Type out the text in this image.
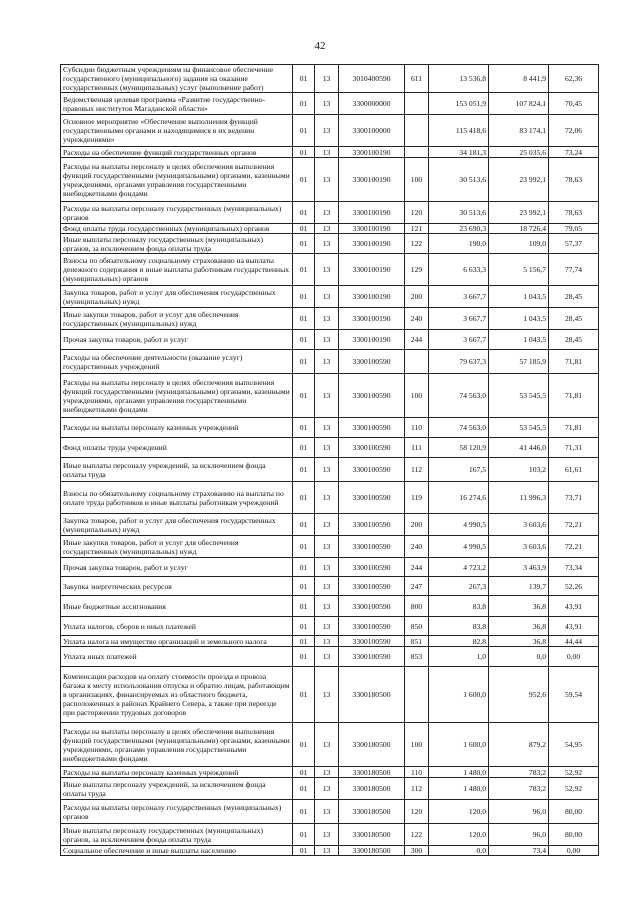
42
Субсидии бюджетным учреждениям на финансовое обеспечение государственного (муниципального) задания на оказание государственных (муниципальных) услуг (выполнение работ)	01	13	3010400590	611	13 536,8	8 441,9	62,36
Ведомственная целевая программа «Развитие государственно-правовых институтов Магаданской области»	01	13	3300000000		153 051,9	107 824,1	70,45
Основное мероприятие «Обеспечение выполнения функций государственными органами и находящимися в их ведении учреждениями»	01	13	3300100000		115 418,6	83 174,1	72,06
Расходы на обеспечение функций государственных органов	01	13	3300100190		34 181,3	25 035,6	73,24
Расходы на выплаты персоналу в целях обеспечения выполнения функций государственными (муниципальными) органами, казенными учреждениями, органами управления государственными внебюджетными фондами	01	13	3300100190	100	30 513,6	23 992,1	78,63
Расходы на выплаты персоналу государственных (муниципальных) органов	01	13	3300100190	120	30 513,6	23 992,1	78,63
Фонд оплаты труда государственных (муниципальных) органов	01	13	3300100190	121	23 690,3	18 726,4	79,05
Иные выплаты персоналу государственных (муниципальных) органов, за исключением фонда оплаты труда	01	13	3300100190	122	190,0	109,0	57,37
Взносы по обязательному социальному страхованию на выплаты денежного содержания и иные выплаты работникам государственных (муниципальных) органов	01	13	3300100190	129	6 633,3	5 156,7	77,74
Закупка товаров, работ и услуг для обеспечения государственных (муниципальных) нужд	01	13	3300100190	200	3 667,7	1 043,5	28,45
Иные закупки товаров, работ и услуг для обеспечения государственных (муниципальных) нужд	01	13	3300100190	240	3 667,7	1 043,5	28,45
Прочая закупка товаров, работ и услуг	01	13	3300100190	244	3 667,7	1 043,5	28,45
Расходы на обеспечение деятельности (оказание услуг) государственных учреждений	01	13	3300100590		79 637,3	57 185,9	71,81
Расходы на выплаты персоналу в целях обеспечения выполнения функций государственными (муниципальными) органами, казенными учреждениями, органами управления государственными внебюджетными фондами	01	13	3300100590	100	74 563,0	53 545,5	71,81
Расходы на выплаты персоналу казенных учреждений	01	13	3300100590	110	74 563,0	53 545,5	71,81
Фонд оплаты труда учреждений	01	13	3300100590	111	58 120,9	41 446,0	71,31
Иные выплаты персоналу учреждений, за исключением фонда оплаты труда	01	13	3300100590	112	167,5	103,2	61,61
Взносы по обязательному социальному страхованию на выплаты по оплате труда работников и иные выплаты работникам учреждений	01	13	3300100590	119	16 274,6	11 996,3	73,71
Закупка товаров, работ и услуг для обеспечения государственных (муниципальных) нужд	01	13	3300100590	200	4 990,5	3 603,6	72,21
Иные закупки товаров, работ и услуг для обеспечения государственных (муниципальных) нужд	01	13	3300100590	240	4 990,5	3 603,6	72,21
Прочая закупка товаров, работ и услуг	01	13	3300100590	244	4 723,2	3 463,9	73,34
Закупка энергетических ресурсов	01	13	3300100590	247	267,3	139,7	52,26
Иные бюджетные ассигнования	01	13	3300100590	800	83,8	36,8	43,91
Уплата налогов, сборов и иных платежей	01	13	3300100590	850	83,8	36,8	43,91
Уплата налога на имущество организаций и земельного налога	01	13	3300100590	851	82,8	36,8	44,44
Уплата иных платежей	01	13	3300100590	853	1,0	0,0	0,00
Компенсация расходов на оплату стоимости проезда и провоза багажа к месту использования отпуска и обратно лицам, работающим в организациях, финансируемых из областного бюджета, расположенных в районах Крайнего Севера, а также при переезде при расторжении трудовых договоров	01	13	3300180500		1 600,0	952,6	59,54
Расходы на выплаты персоналу в целях обеспечения выполнения функций государственными (муниципальными) органами, казенными учреждениями, органами управления государственными внебюджетными фондами	01	13	3300180500	100	1 600,0	879,2	54,95
Расходы на выплаты персоналу казенных учреждений	01	13	3300180500	110	1 480,0	783,2	52,92
Иные выплаты персоналу учреждений, за исключением фонда оплаты труда	01	13	3300180500	112	1 480,0	783,2	52,92
Расходы на выплаты персоналу государственных (муниципальных) органов	01	13	3300180500	120	120,0	96,0	80,00
Иные выплаты персоналу государственных (муниципальных) органов, за исключением фонда оплаты труда	01	13	3300180500	122	120,0	96,0	80,00
Социальное обеспечение и иные выплаты населению	01	13	3300180500	300	0,0	73,4	0,00
